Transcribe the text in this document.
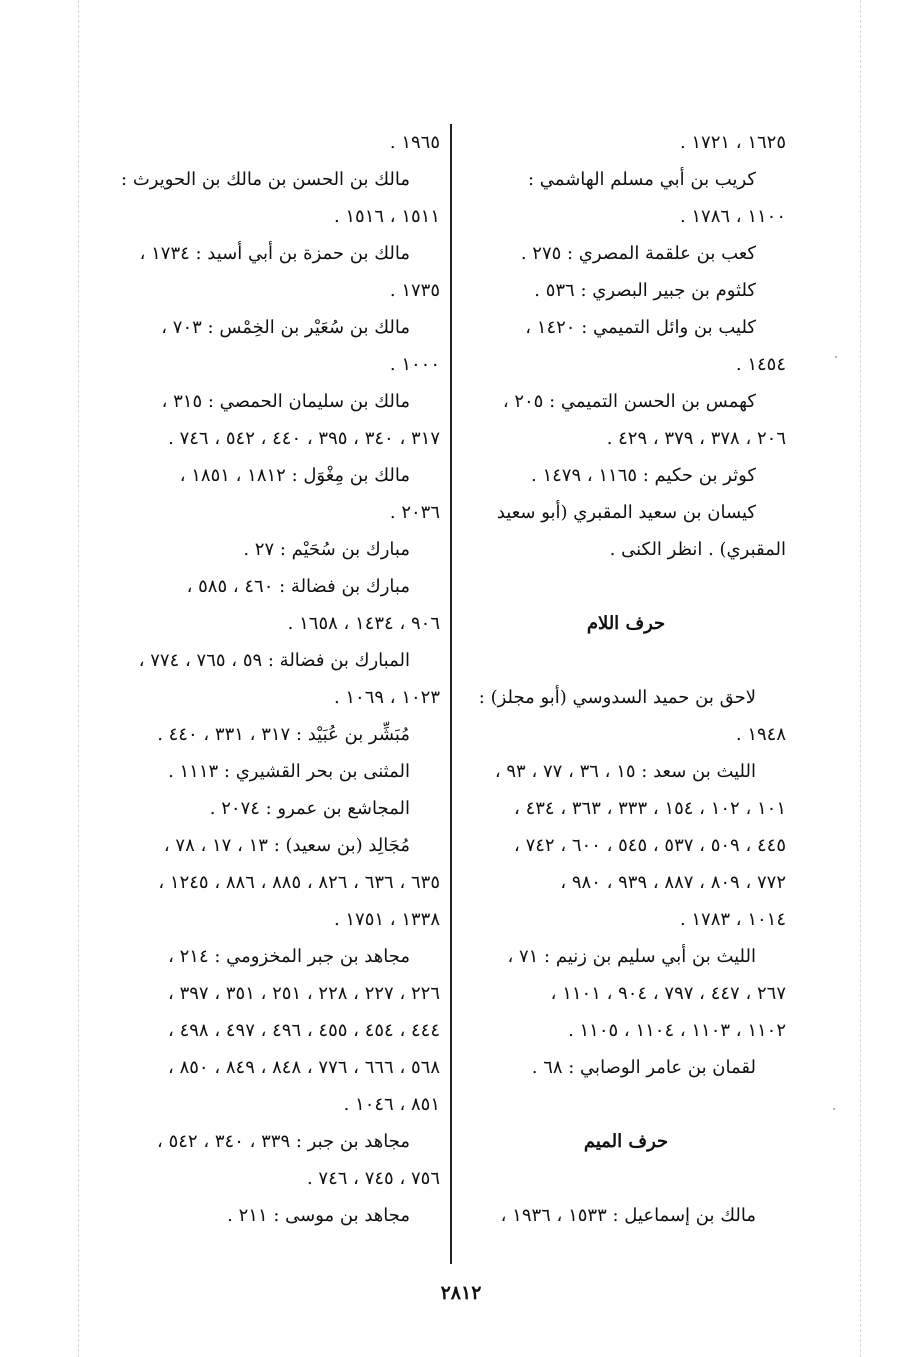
١٦٢٥ ، ١٧٢١ .
كريب بن أبي مسلم الهاشمي :
١١٠٠ ، ١٧٨٦ .
كعب بن علقمة المصري : ٢٧٥ .
كلثوم بن جبير البصري : ٥٣٦ .
كليب بن وائل التميمي : ١٤٢٠ ،
١٤٥٤ .
كهمس بن الحسن التميمي : ٢٠٥ ،
٢٠٦ ، ٣٧٨ ، ٣٧٩ ، ٤٢٩ .
كوثر بن حكيم : ١١٦٥ ، ١٤٧٩ .
كيسان بن سعيد المقبري (أبو سعيد
المقبري) . انظر الكنى .
حرف اللام
لاحق بن حميد السدوسي (أبو مجلز) :
١٩٤٨ .
الليث بن سعد : ١٥ ، ٣٦ ، ٧٧ ، ٩٣ ،
١٠١ ، ١٠٢ ، ١٥٤ ، ٣٣٣ ، ٣٦٣ ، ٤٣٤ ،
٤٤٥ ، ٥٠٩ ، ٥٣٧ ، ٥٤٥ ، ٦٠٠ ، ٧٤٢ ،
٧٧٢ ، ٨٠٩ ، ٨٨٧ ، ٩٣٩ ، ٩٨٠ ،
١٠١٤ ، ١٧٨٣ .
الليث بن أبي سليم بن زنيم : ٧١ ،
٢٦٧ ، ٤٤٧ ، ٧٩٧ ، ٩٠٤ ، ١١٠١ ،
١١٠٢ ، ١١٠٣ ، ١١٠٤ ، ١١٠٥ .
لقمان بن عامر الوصابي : ٦٨ .
حرف الميم
مالك بن إسماعيل : ١٥٣٣ ، ١٩٣٦ ،
١٩٦٥ .
مالك بن الحسن بن مالك بن الحويرث :
١٥١١ ، ١٥١٦ .
مالك بن حمزة بن أبي أسيد : ١٧٣٤ ،
١٧٣٥ .
مالك بن سُعَيْر بن الخِمْس : ٧٠٣ ،
١٠٠٠ .
مالك بن سليمان الحمصي : ٣١٥ ،
٣١٧ ، ٣٤٠ ، ٣٩٥ ، ٤٤٠ ، ٥٤٢ ، ٧٤٦ .
مالك بن مِغْوَل : ١٨١٢ ، ١٨٥١ ،
٢٠٣٦ .
مبارك بن سُحَيْم : ٢٧ .
مبارك بن فضالة : ٤٦٠ ، ٥٨٥ ،
٩٠٦ ، ١٤٣٤ ، ١٦٥٨ .
المبارك بن فضالة : ٥٩ ، ٧٦٥ ، ٧٧٤ ،
١٠٢٣ ، ١٠٦٩ .
مُبَشِّر بن عُبَيْد : ٣١٧ ، ٣٣١ ، ٤٤٠ .
المثنى بن بحر القشيري : ١١١٣ .
المجاشع بن عمرو : ٢٠٧٤ .
مُجَالِد (بن سعيد) : ١٣ ، ١٧ ، ٧٨ ،
٦٣٥ ، ٦٣٦ ، ٨٢٦ ، ٨٨٥ ، ٨٨٦ ، ١٢٤٥ ،
١٣٣٨ ، ١٧٥١ .
مجاهد بن جبر المخزومي : ٢١٤ ،
٢٢٦ ، ٢٢٧ ، ٢٢٨ ، ٢٥١ ، ٣٥١ ، ٣٩٧ ،
٤٤٤ ، ٤٥٤ ، ٤٥٥ ، ٤٩٦ ، ٤٩٧ ، ٤٩٨ ،
٥٦٨ ، ٦٦٦ ، ٧٧٦ ، ٨٤٨ ، ٨٤٩ ، ٨٥٠ ،
٨٥١ ، ١٠٤٦ .
مجاهد بن جبر : ٣٣٩ ، ٣٤٠ ، ٥٤٢ ،
٧٥٦ ، ٧٤٥ ، ٧٤٦ .
مجاهد بن موسى : ٢١١ .
٢٨١٢
